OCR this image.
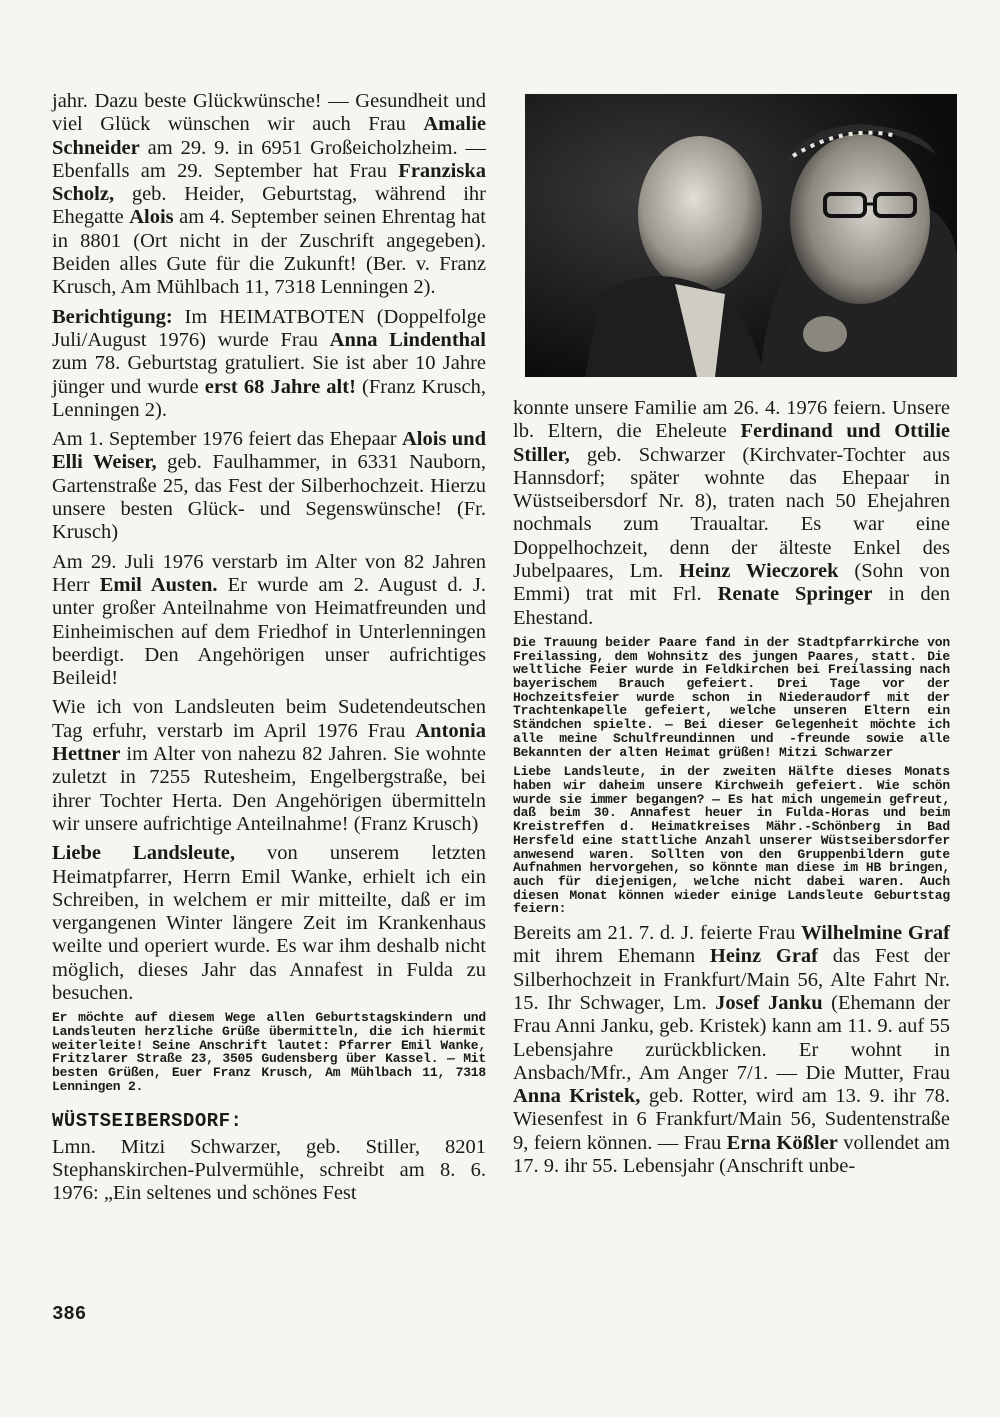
jahr. Dazu beste Glückwünsche! — Gesundheit und viel Glück wünschen wir auch Frau Amalie Schneider am 29. 9. in 6951 Großeicholzheim. — Ebenfalls am 29. September hat Frau Franziska Scholz, geb. Heider, Geburtstag, während ihr Ehegatte Alois am 4. September seinen Ehrentag hat in 8801 (Ort nicht in der Zuschrift angegeben). Beiden alles Gute für die Zukunft! (Ber. v. Franz Krusch, Am Mühlbach 11, 7318 Lenningen 2).

Berichtigung: Im HEIMATBOTEN (Doppelfolge Juli/August 1976) wurde Frau Anna Lindenthal zum 78. Geburtstag gratuliert. Sie ist aber 10 Jahre jünger und wurde erst 68 Jahre alt! (Franz Krusch, Lenningen 2).

Am 1. September 1976 feiert das Ehepaar Alois und Elli Weiser, geb. Faulhammer, in 6331 Nauborn, Gartenstraße 25, das Fest der Silberhochzeit. Hierzu unsere besten Glück- und Segenswünsche! (Fr. Krusch)

Am 29. Juli 1976 verstarb im Alter von 82 Jahren Herr Emil Austen. Er wurde am 2. August d. J. unter großer Anteilnahme von Heimatfreunden und Einheimischen auf dem Friedhof in Unterlenningen beerdigt. Den Angehörigen unser aufrichtiges Beileid!

Wie ich von Landsleuten beim Sudetendeutschen Tag erfuhr, verstarb im April 1976 Frau Antonia Hettner im Alter von nahezu 82 Jahren. Sie wohnte zuletzt in 7255 Rutesheim, Engelbergstraße, bei ihrer Tochter Herta. Den Angehörigen übermitteln wir unsere aufrichtige Anteilnahme! (Franz Krusch)

Liebe Landsleute, von unserem letzten Heimatpfarrer, Herrn Emil Wanke, erhielt ich ein Schreiben, in welchem er mir mitteilte, daß er im vergangenen Winter längere Zeit im Krankenhaus weilte und operiert wurde. Es war ihm deshalb nicht möglich, dieses Jahr das Annafest in Fulda zu besuchen.

Er möchte auf diesem Wege allen Geburtstagskindern und Landsleuten herzliche Grüße übermitteln, die ich hiermit weiterleite! Seine Anschrift lautet: Pfarrer Emil Wanke, Fritzlarer Straße 23, 3505 Gudensberg über Kassel. — Mit besten Grüßen, Euer Franz Krusch, Am Mühlbach 11, 7318 Lenningen 2.

WÜSTSEIBERSDORF:

Lmn. Mitzi Schwarzer, geb. Stiller, 8201 Stephanskirchen-Pulvermühle, schreibt am 8. 6. 1976: „Ein seltenes und schönes Fest

konnte unsere Familie am 26. 4. 1976 feiern. Unsere lb. Eltern, die Eheleute Ferdinand und Ottilie Stiller, geb. Schwarzer (Kirchvater-Tochter aus Hannsdorf; später wohnte das Ehepaar in Wüstseibersdorf Nr. 8), traten nach 50 Ehejahren nochmals zum Traualtar. Es war eine Doppelhochzeit, denn der älteste Enkel des Jubelpaares, Lm. Heinz Wieczorek (Sohn von Emmi) trat mit Frl. Renate Springer in den Ehestand.

Die Trauung beider Paare fand in der Stadtpfarrkirche von Freilassing, dem Wohnsitz des jungen Paares, statt. Die weltliche Feier wurde in Feldkirchen bei Freilassing nach bayerischem Brauch gefeiert. Drei Tage vor der Hochzeitsfeier wurde schon in Niederaudorf mit der Trachtenkapelle gefeiert, welche unseren Eltern ein Ständchen spielte. — Bei dieser Gelegenheit möchte ich alle meine Schulfreundinnen und -freunde sowie alle Bekannten der alten Heimat grüßen! Mitzi Schwarzer

Liebe Landsleute, in der zweiten Hälfte dieses Monats haben wir daheim unsere Kirchweih gefeiert. Wie schön wurde sie immer begangen? — Es hat mich ungemein gefreut, daß beim 30. Annafest heuer in Fulda-Horas und beim Kreistreffen d. Heimatkreises Mähr.-Schönberg in Bad Hersfeld eine stattliche Anzahl unserer Wüstseibersdorfer anwesend waren. Sollten von den Gruppenbildern gute Aufnahmen hervorgehen, so könnte man diese im HB bringen, auch für diejenigen, welche nicht dabei waren. Auch diesen Monat können wieder einige Landsleute Geburtstag feiern:

Bereits am 21. 7. d. J. feierte Frau Wilhelmine Graf mit ihrem Ehemann Heinz Graf das Fest der Silberhochzeit in Frankfurt/Main 56, Alte Fahrt Nr. 15. Ihr Schwager, Lm. Josef Janku (Ehemann der Frau Anni Janku, geb. Kristek) kann am 11. 9. auf 55 Lebensjahre zurückblicken. Er wohnt in Ansbach/Mfr., Am Anger 7/1. — Die Mutter, Frau Anna Kristek, geb. Rotter, wird am 13. 9. ihr 78. Wiesenfest in 6 Frankfurt/Main 56, Sudentenstraße 9, feiern können. — Frau Erna Kößler vollendet am 17. 9. ihr 55. Lebensjahr (Anschrift unbe-

386
